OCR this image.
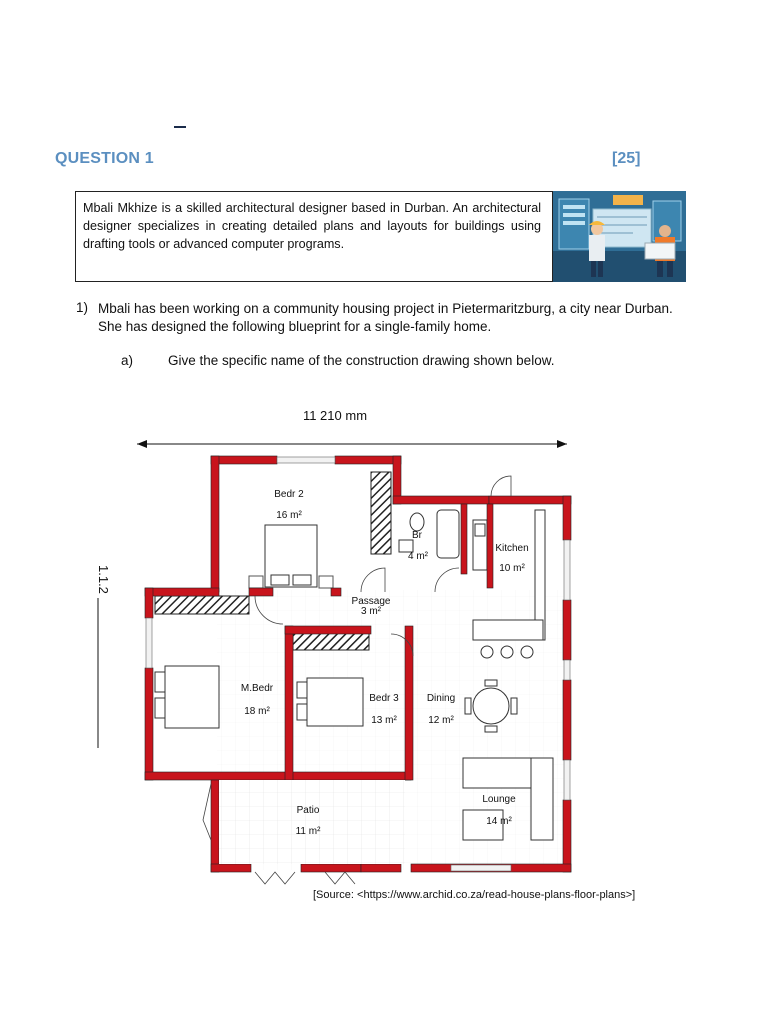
QUESTION 1	[25]
Mbali Mkhize is a skilled architectural designer based in Durban. An architectural designer specializes in creating detailed plans and layouts for buildings using drafting tools or advanced computer programs.
1) Mbali has been working on a community housing project in Pietermaritzburg, a city near Durban. She has designed the following blueprint for a single-family home.
a)	Give the specific name of the construction drawing shown below.
11 210 mm
1.1.2
Bedr 2
16 m²
Br
4 m²
Kitchen
10 m²
Passage
3 m²
M.Bedr
18 m²
Bedr 3
13 m²
Dining
12 m²
Lounge
14 m²
Patio
11 m²
[Source: <https://www.archid.co.za/read-house-plans-floor-plans>]
